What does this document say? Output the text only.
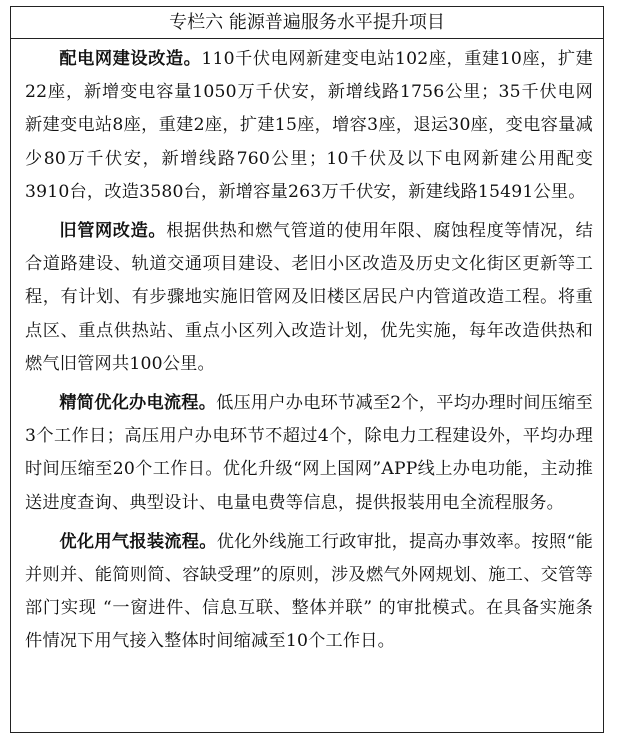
专栏六 能源普遍服务水平提升项目

配电网建设改造。110千伏电网新建变电站102座，重建10座，扩建22座，新增变电容量1050万千伏安，新增线路1756公里；35千伏电网新建变电站8座，重建2座，扩建15座，增容3座，退运30座，变电容量减少80万千伏安，新增线路760公里；10千伏及以下电网新建公用配变3910台，改造3580台，新增容量263万千伏安，新建线路15491公里。

旧管网改造。根据供热和燃气管道的使用年限、腐蚀程度等情况，结合道路建设、轨道交通项目建设、老旧小区改造及历史文化街区更新等工程，有计划、有步骤地实施旧管网及旧楼区居民户内管道改造工程。将重点区、重点供热站、重点小区列入改造计划，优先实施，每年改造供热和燃气旧管网共100公里。

精简优化办电流程。低压用户办电环节减至2个，平均办理时间压缩至3个工作日；高压用户办电环节不超过4个，除电力工程建设外，平均办理时间压缩至20个工作日。优化升级“网上国网”APP线上办电功能，主动推送进度查询、典型设计、电量电费等信息，提供报装用电全流程服务。

优化用气报装流程。优化外线施工行政审批，提高办事效率。按照“能并则并、能简则简、容缺受理”的原则，涉及燃气外网规划、施工、交管等部门实现 “一窗进件、信息互联、整体并联” 的审批模式。在具备实施条件情况下用气接入整体时间缩减至10个工作日。
